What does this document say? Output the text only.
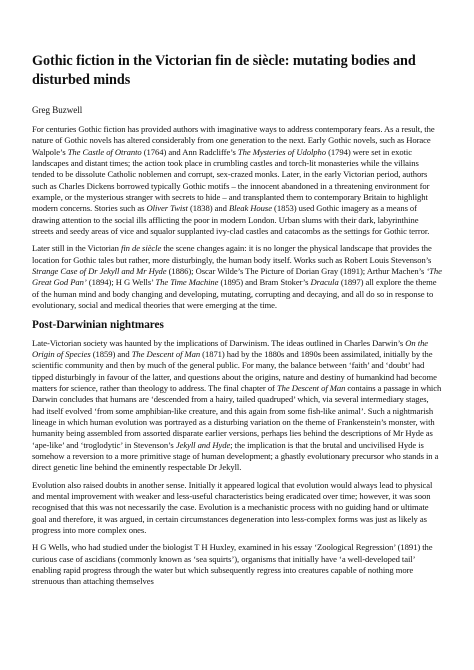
Gothic fiction in the Victorian fin de siècle: mutating bodies and disturbed minds
Greg Buzwell

For centuries Gothic fiction has provided authors with imaginative ways to address contemporary fears. As a result, the nature of Gothic novels has altered considerably from one generation to the next. Early Gothic novels, such as Horace Walpole’s The Castle of Otranto (1764) and Ann Radcliffe’s The Mysteries of Udolpho (1794) were set in exotic landscapes and distant times; the action took place in crumbling castles and torch-lit monasteries while the villains tended to be dissolute Catholic noblemen and corrupt, sex-crazed monks. Later, in the early Victorian period, authors such as Charles Dickens borrowed typically Gothic motifs – the innocent abandoned in a threatening environment for example, or the mysterious stranger with secrets to hide – and transplanted them to contemporary Britain to highlight modern concerns. Stories such as Oliver Twist (1838) and Bleak House (1853) used Gothic imagery as a means of drawing attention to the social ills afflicting the poor in modern London. Urban slums with their dark, labyrinthine streets and seedy areas of vice and squalor supplanted ivy-clad castles and catacombs as the settings for Gothic terror.

Later still in the Victorian fin de siècle the scene changes again: it is no longer the physical landscape that provides the location for Gothic tales but rather, more disturbingly, the human body itself. Works such as Robert Louis Stevenson’s Strange Case of Dr Jekyll and Mr Hyde (1886); Oscar Wilde’s The Picture of Dorian Gray (1891); Arthur Machen’s ‘The Great God Pan’ (1894); H G Wells’ The Time Machine (1895) and Bram Stoker’s Dracula (1897) all explore the theme of the human mind and body changing and developing, mutating, corrupting and decaying, and all do so in response to evolutionary, social and medical theories that were emerging at the time.

Post-Darwinian nightmares

Late-Victorian society was haunted by the implications of Darwinism. The ideas outlined in Charles Darwin’s On the Origin of Species (1859) and The Descent of Man (1871) had by the 1880s and 1890s been assimilated, initially by the scientific community and then by much of the general public. For many, the balance between ‘faith’ and ‘doubt’ had tipped disturbingly in favour of the latter, and questions about the origins, nature and destiny of humankind had become matters for science, rather than theology to address. The final chapter of The Descent of Man contains a passage in which Darwin concludes that humans are ‘descended from a hairy, tailed quadruped’ which, via several intermediary stages, had itself evolved ‘from some amphibian-like creature, and this again from some fish-like animal’. Such a nightmarish lineage in which human evolution was portrayed as a disturbing variation on the theme of Frankenstein’s monster, with humanity being assembled from assorted disparate earlier versions, perhaps lies behind the descriptions of Mr Hyde as ‘ape-like’ and ‘troglodytic’ in Stevenson’s Jekyll and Hyde; the implication is that the brutal and uncivilised Hyde is somehow a reversion to a more primitive stage of human development; a ghastly evolutionary precursor who stands in a direct genetic line behind the eminently respectable Dr Jekyll.

Evolution also raised doubts in another sense. Initially it appeared logical that evolution would always lead to physical and mental improvement with weaker and less-useful characteristics being eradicated over time; however, it was soon recognised that this was not necessarily the case. Evolution is a mechanistic process with no guiding hand or ultimate goal and therefore, it was argued, in certain circumstances degeneration into less-complex forms was just as likely as progress into more complex ones.

H G Wells, who had studied under the biologist T H Huxley, examined in his essay ‘Zoological Regression’ (1891) the curious case of ascidians (commonly known as ‘sea squirts’), organisms that initially have ‘a well-developed tail’ enabling rapid progress through the water but which subsequently regress into creatures capable of nothing more strenuous than attaching themselves
